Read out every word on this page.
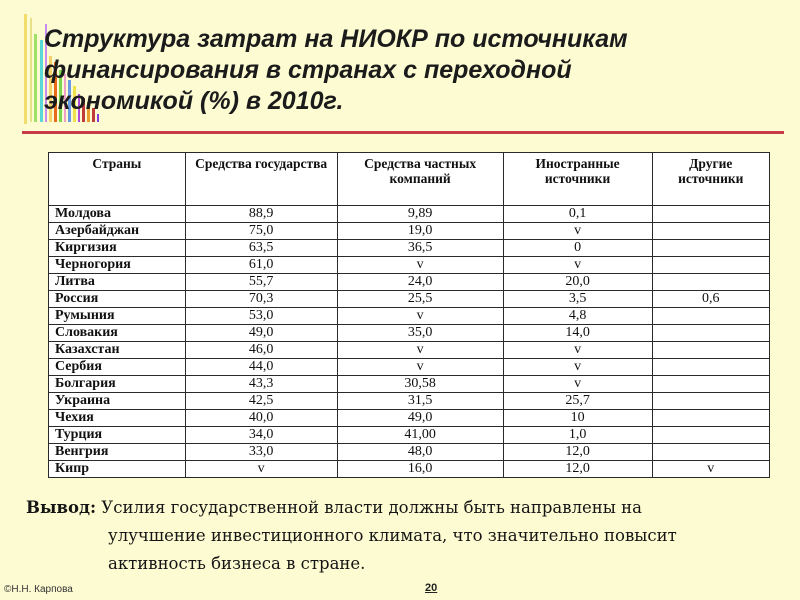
Структура затрат на НИОКР по источникам
финансирования в странах с переходной
экономикой (%) в 2010г.
Страны	Средства государства	Средства частных компаний	Иностранные источники	Другие источники
Молдова	88,9	9,89	0,1	
Азербайджан	75,0	19,0	v	
Киргизия	63,5	36,5	0	
Черногория	61,0	v	v	
Литва	55,7	24,0	20,0	
Россия	70,3	25,5	3,5	0,6
Румыния	53,0	v	4,8	
Словакия	49,0	35,0	14,0	
Казахстан	46,0	v	v	
Сербия	44,0	v	v	
Болгария	43,3	30,58	v	
Украина	42,5	31,5	25,7	
Чехия	40,0	49,0	10	
Турция	34,0	41,00	1,0	
Венгрия	33,0	48,0	12,0	
Кипр	v	16,0	12,0	v
Вывод: Усилия государственной власти должны быть направлены на
улучшение инвестиционного климата, что значительно повысит
активность бизнеса в стране.
©Н.Н. Карпова	20
